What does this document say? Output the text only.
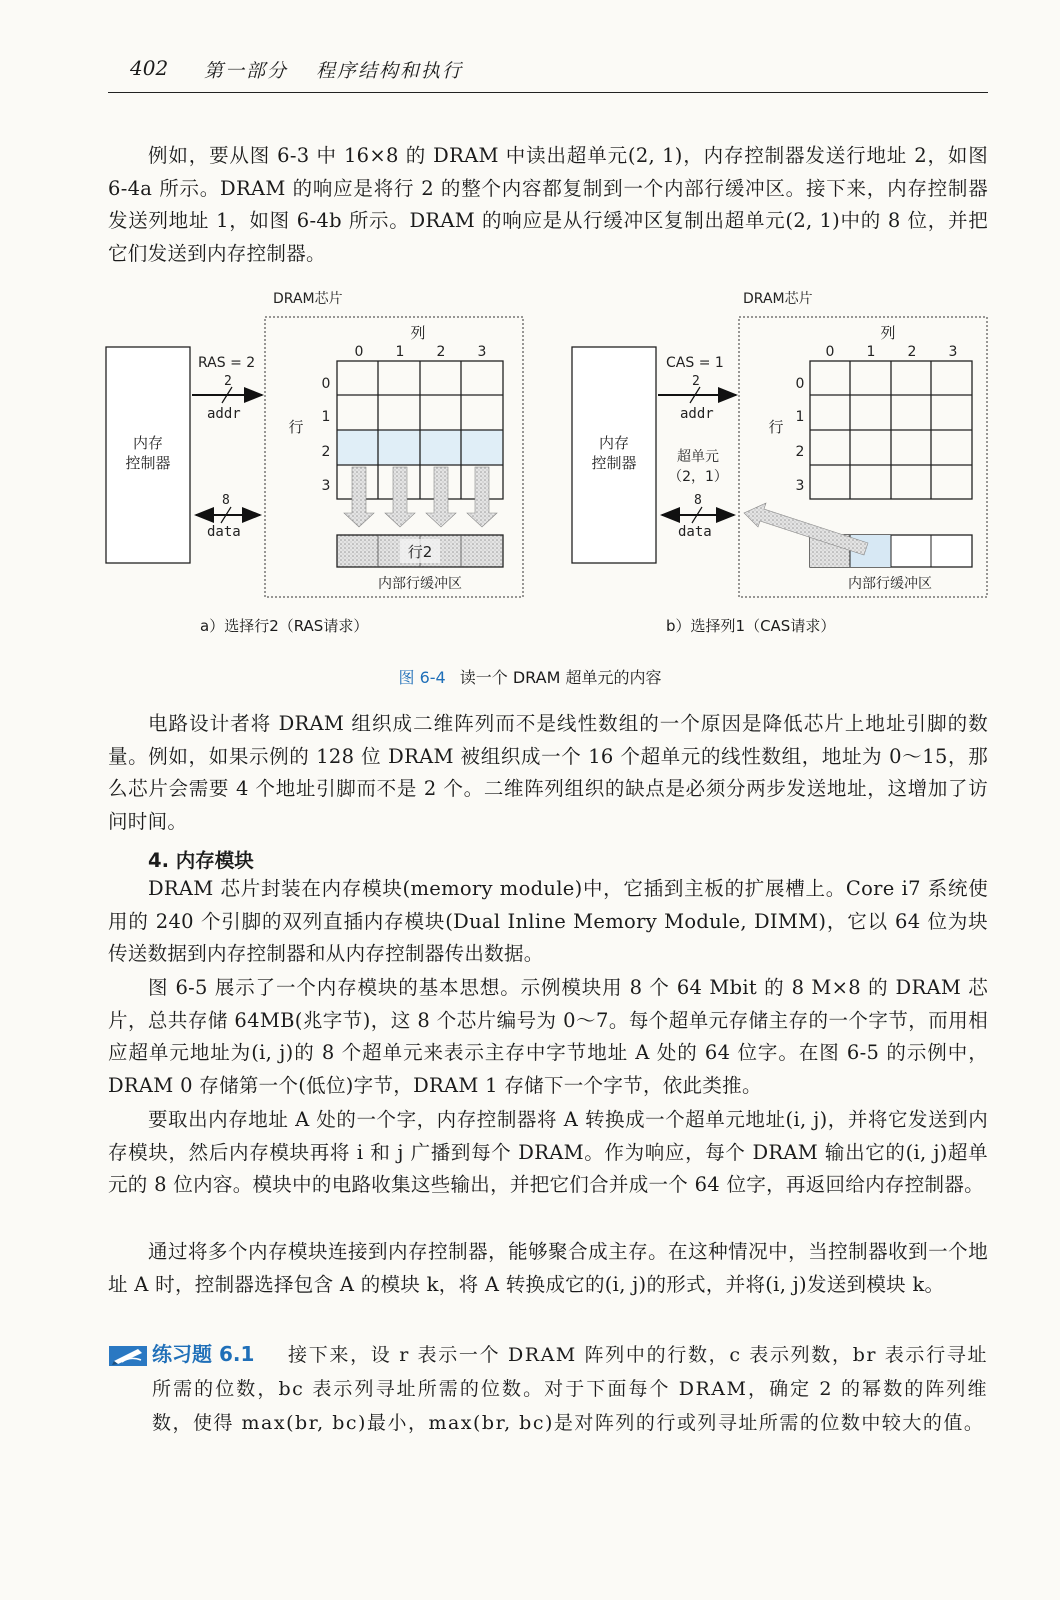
402 第一部分 程序结构和执行

例如，要从图 6-3 中 16×8 的 DRAM 中读出超单元(2, 1)，内存控制器发送行地址 2，如图 6-4a 所示。DRAM 的响应是将行 2 的整个内容都复制到一个内部行缓冲区。接下来，内存控制器发送列地址 1，如图 6-4b 所示。DRAM 的响应是从行缓冲区复制出超单元(2, 1)中的 8 位，并把它们发送到内存控制器。

DRAM芯片
内存
控制器
RAS = 2
2
addr
8
data
列
0 1 2 3
行
0
1
2
3
行2
内部行缓冲区
DRAM芯片
内存
控制器
CAS = 1
2
addr
超单元
（2，1）
8
data
列
0 1 2 3
行
0
1
2
3
内部行缓冲区
a）选择行2（RAS请求）	b）选择列1（CAS请求）
图 6-4 读一个 DRAM 超单元的内容

电路设计者将 DRAM 组织成二维阵列而不是线性数组的一个原因是降低芯片上地址引脚的数量。例如，如果示例的 128 位 DRAM 被组织成一个 16 个超单元的线性数组，地址为 0～15，那么芯片会需要 4 个地址引脚而不是 2 个。二维阵列组织的缺点是必须分两步发送地址，这增加了访问时间。

4. 内存模块

DRAM 芯片封装在内存模块(memory module)中，它插到主板的扩展槽上。Core i7 系统使用的 240 个引脚的双列直插内存模块(Dual Inline Memory Module, DIMM)，它以 64 位为块传送数据到内存控制器和从内存控制器传出数据。

图 6-5 展示了一个内存模块的基本思想。示例模块用 8 个 64 Mbit 的 8 M×8 的 DRAM 芯片，总共存储 64MB(兆字节)，这 8 个芯片编号为 0～7。每个超单元存储主存的一个字节，而用相应超单元地址为(i, j)的 8 个超单元来表示主存中字节地址 A 处的 64 位字。在图 6-5 的示例中，DRAM 0 存储第一个(低位)字节，DRAM 1 存储下一个字节，依此类推。

要取出内存地址 A 处的一个字，内存控制器将 A 转换成一个超单元地址(i, j)，并将它发送到内存模块，然后内存模块再将 i 和 j 广播到每个 DRAM。作为响应，每个 DRAM 输出它的(i, j)超单元的 8 位内容。模块中的电路收集这些输出，并把它们合并成一个 64 位字，再返回给内存控制器。

通过将多个内存模块连接到内存控制器，能够聚合成主存。在这种情况中，当控制器收到一个地址 A 时，控制器选择包含 A 的模块 k，将 A 转换成它的(i, j)的形式，并将(i, j)发送到模块 k。

练习题 6.1	接下来，设 r 表示一个 DRAM 阵列中的行数，c 表示列数，br 表示行寻址所需的位数，bc 表示列寻址所需的位数。对于下面每个 DRAM，确定 2 的幂数的阵列维数，使得 max(br, bc)最小，max(br, bc)是对阵列的行或列寻址所需的位数中较大的值。
